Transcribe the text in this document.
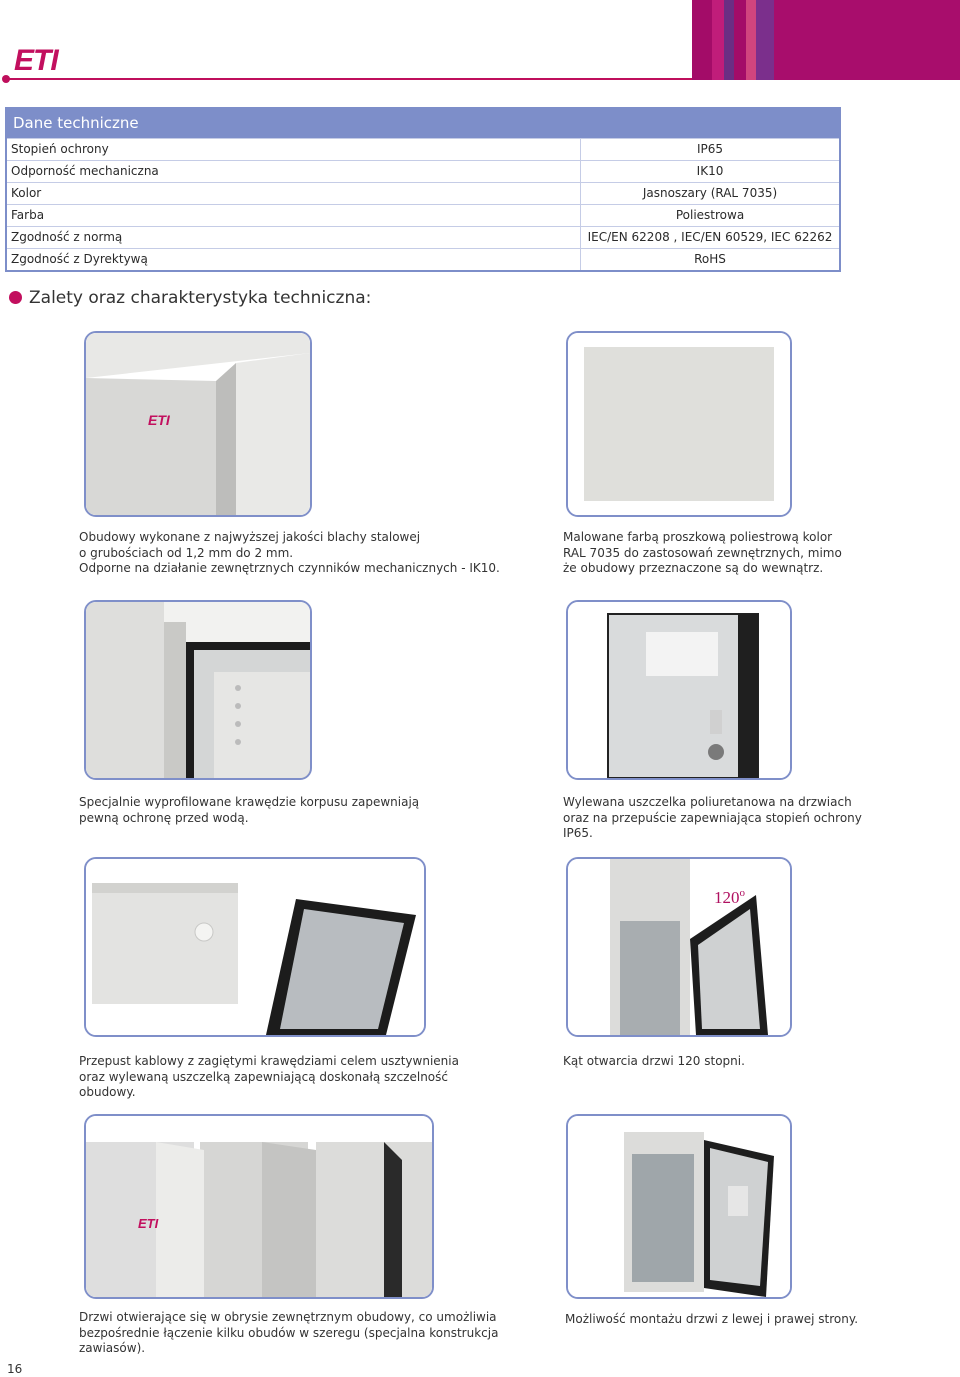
ETI
Dane techniczne
Stopień ochrony	IP65
Odporność mechaniczna	IK10
Kolor	Jasnoszary (RAL 7035)
Farba	Poliestrowa
Zgodność z normą	IEC/EN 62208 , IEC/EN 60529, IEC 62262
Zgodność z Dyrektywą	RoHS
Zalety oraz charakterystyka techniczna:
ETI
Obudowy wykonane z najwyższej jakości blachy stalowej
o grubościach od 1,2 mm do 2 mm.
Odporne na działanie zewnętrznych czynników mechanicznych - IK10.
Malowane farbą proszkową poliestrową kolor
RAL 7035 do zastosowań zewnętrznych, mimo
że obudowy przeznaczone są do wewnątrz.
Specjalnie wyprofilowane krawędzie korpusu zapewniają
pewną ochronę przed wodą.
Wylewana uszczelka poliuretanowa na drzwiach
oraz na przepuście zapewniająca stopień ochrony
IP65.
Przepust kablowy z zagiętymi krawędziami celem usztywnienia
oraz wylewaną uszczelką zapewniającą doskonałą szczelność
obudowy.
120$^o$
Kąt otwarcia drzwi 120 stopni.
ETI
Drzwi otwierające się w obrysie zewnętrznym obudowy, co umożliwia
bezpośrednie łączenie kilku obudów w szeregu (specjalna konstrukcja
zawiasów).
Możliwość montażu drzwi z lewej i prawej strony.
16
